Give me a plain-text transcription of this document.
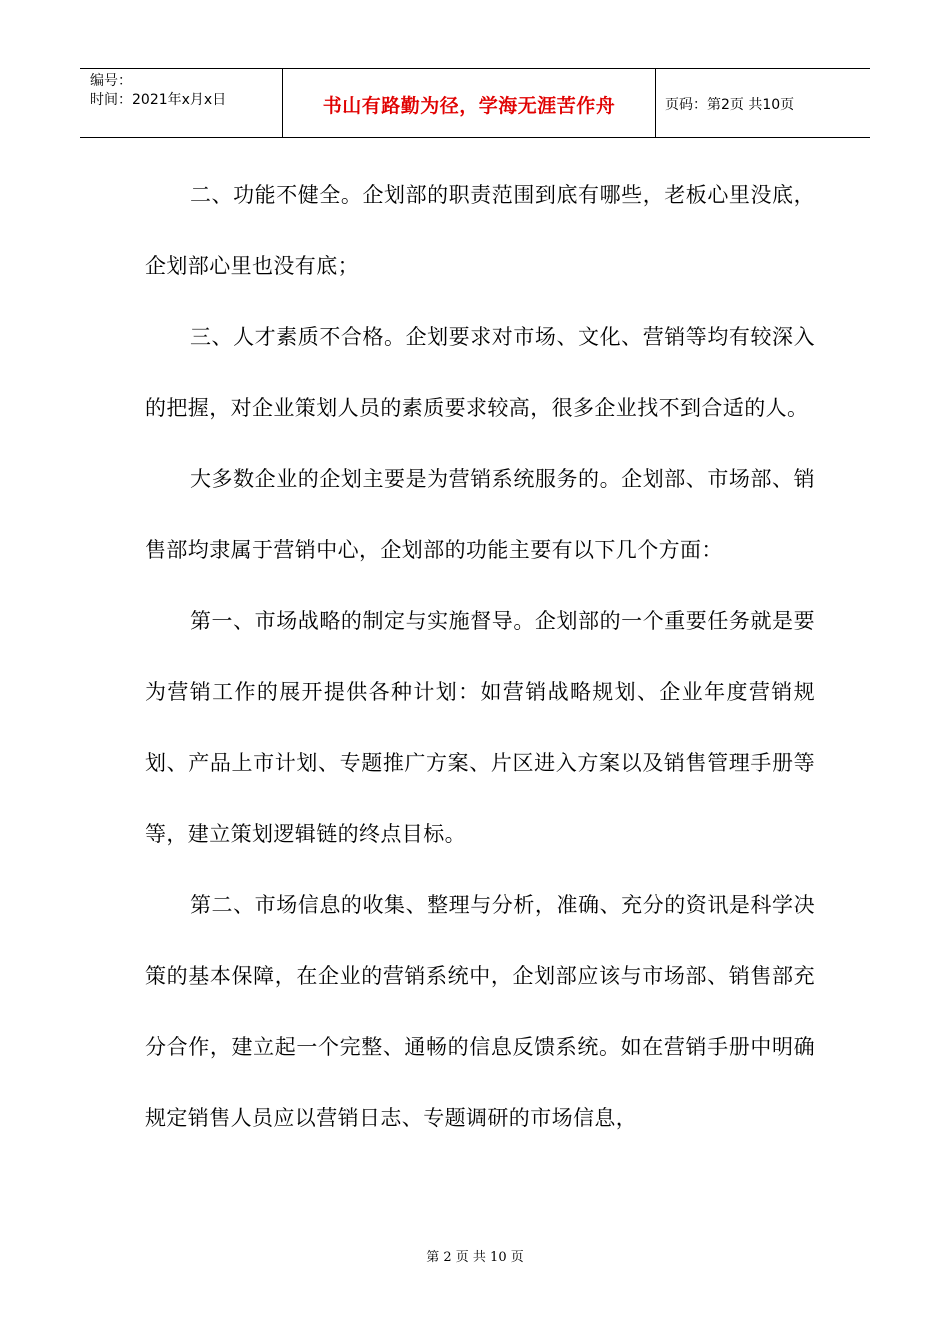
编号：
时间：2021年x月x日	书山有路勤为径，学海无涯苦作舟	页码：第2页 共10页

二、功能不健全。企划部的职责范围到底有哪些，老板心里没底，企划部心里也没有底；

三、人才素质不合格。企划要求对市场、文化、营销等均有较深入的把握，对企业策划人员的素质要求较高，很多企业找不到合适的人。

大多数企业的企划主要是为营销系统服务的。企划部、市场部、销售部均隶属于营销中心，企划部的功能主要有以下几个方面：

第一、市场战略的制定与实施督导。企划部的一个重要任务就是要为营销工作的展开提供各种计划：如营销战略规划、企业年度营销规划、产品上市计划、专题推广方案、片区进入方案以及销售管理手册等等，建立策划逻辑链的终点目标。

第二、市场信息的收集、整理与分析，准确、充分的资讯是科学决策的基本保障，在企业的营销系统中，企划部应该与市场部、销售部充分合作，建立起一个完整、通畅的信息反馈系统。如在营销手册中明确规定销售人员应以营销日志、专题调研的市场信息，

第 2 页 共 10 页
